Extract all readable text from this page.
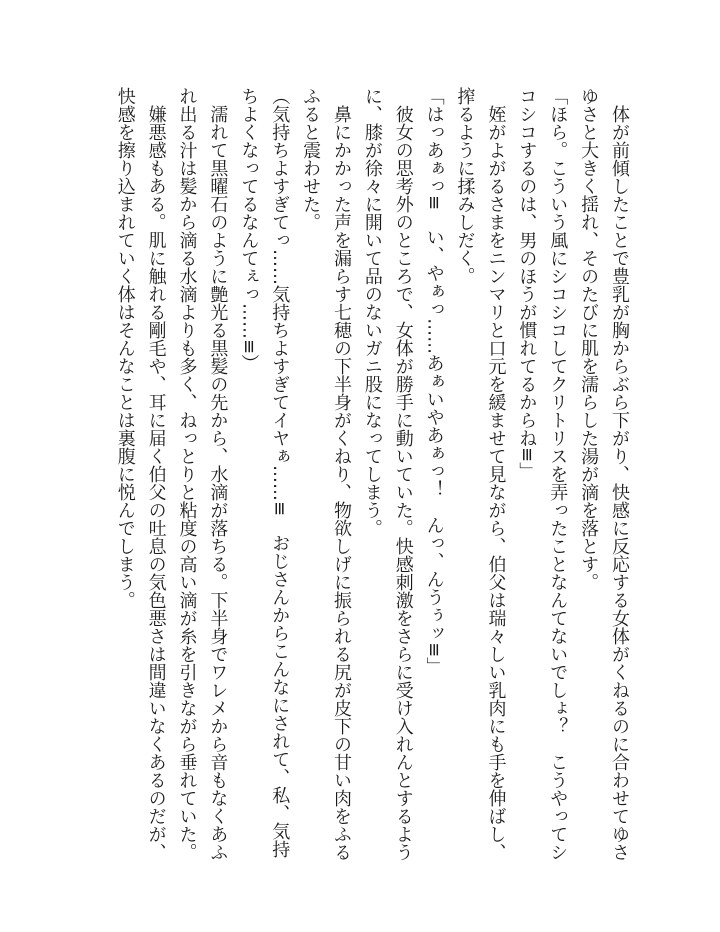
　体が前傾したことで豊乳が胸からぶら下がり、快感に反応する女体がくねるのに合わせてゆさ
ゆさと大きく揺れ、そのたびに肌を濡らした湯が滴を落とす。
「ほら。こういう風にシコシコしてクリトリスを弄ったことなんてないでしょ？　こうやってシ
コシコするのは、男のほうが慣れてるからね≡」
　姪がよがるさまをニンマリと口元を緩ませて見ながら、伯父は瑞々しい乳肉にも手を伸ばし、
搾るように揉みしだく。
「はっあぁっ≡　い、やぁっ……あぁいやあぁっ！　んっ、んうぅッ≡」
　彼女の思考外のところで、女体が勝手に動いていた。快感刺激をさらに受け入れんとするよう
に、膝が徐々に開いて品のないガニ股になってしまう。
　鼻にかかった声を漏らす七穂の下半身がくねり、物欲しげに振られる尻が皮下の甘い肉をふる
ふると震わせた。
（気持ちよすぎてっ……気持ちよすぎてイヤぁ……≡　おじさんからこんなにされて、私、気持
ちよくなってるなんてぇっ……≡）
　濡れて黒曜石のように艶光る黒髪の先から、水滴が落ちる。下半身でワレメから音もなくあふ
れ出る汁は髪から滴る水滴よりも多く、ねっとりと粘度の高い滴が糸を引きながら垂れていた。
　嫌悪感もある。肌に触れる剛毛や、耳に届く伯父の吐息の気色悪さは間違いなくあるのだが、
快感を擦り込まれていく体はそんなことは裏腹に悦んでしまう。
